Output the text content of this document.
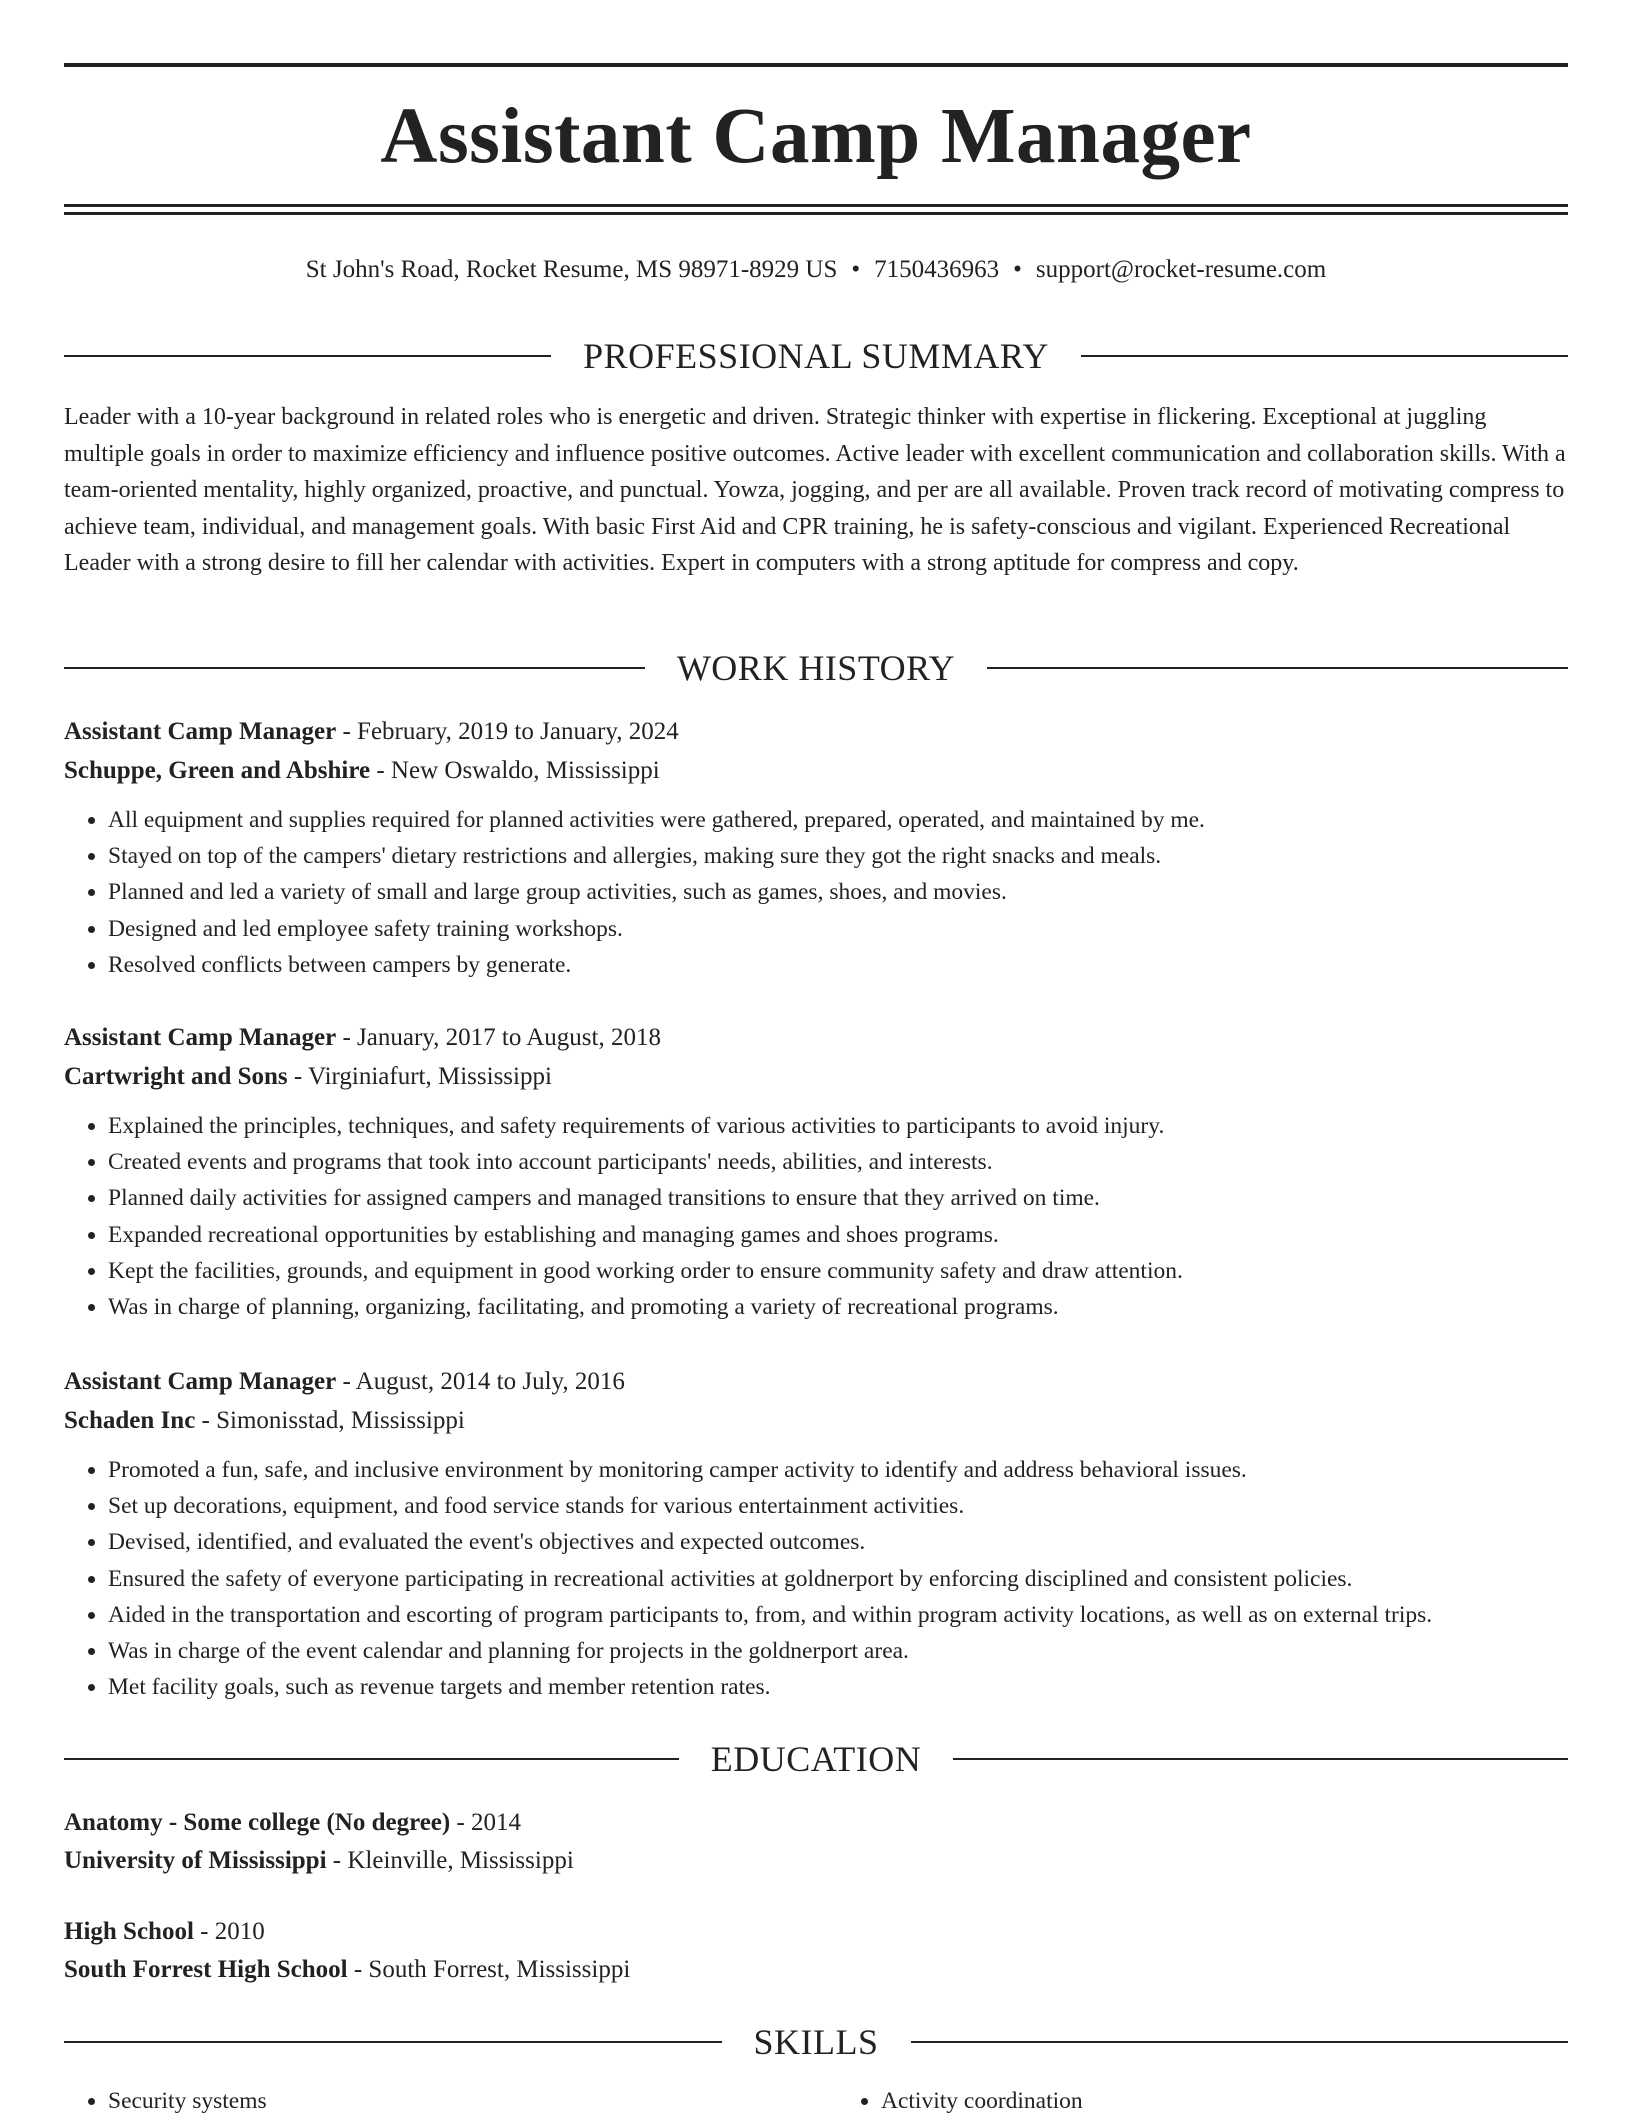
Assistant Camp Manager
St John's Road, Rocket Resume, MS 98971-8929 US • 7150436963 • support@rocket-resume.com
PROFESSIONAL SUMMARY

Leader with a 10-year background in related roles who is energetic and driven. Strategic thinker with expertise in flickering. Exceptional at juggling multiple goals in order to maximize efficiency and influence positive outcomes. Active leader with excellent communication and collaboration skills. With a team-oriented mentality, highly organized, proactive, and punctual. Yowza, jogging, and per are all available. Proven track record of motivating compress to achieve team, individual, and management goals. With basic First Aid and CPR training, he is safety-conscious and vigilant. Experienced Recreational Leader with a strong desire to fill her calendar with activities. Expert in computers with a strong aptitude for compress and copy.

WORK HISTORY
Assistant Camp Manager - February, 2019 to January, 2024
Schuppe, Green and Abshire - New Oswaldo, Mississippi
• All equipment and supplies required for planned activities were gathered, prepared, operated, and maintained by me.
• Stayed on top of the campers' dietary restrictions and allergies, making sure they got the right snacks and meals.
• Planned and led a variety of small and large group activities, such as games, shoes, and movies.
• Designed and led employee safety training workshops.
• Resolved conflicts between campers by generate.
Assistant Camp Manager - January, 2017 to August, 2018
Cartwright and Sons - Virginiafurt, Mississippi
• Explained the principles, techniques, and safety requirements of various activities to participants to avoid injury.
• Created events and programs that took into account participants' needs, abilities, and interests.
• Planned daily activities for assigned campers and managed transitions to ensure that they arrived on time.
• Expanded recreational opportunities by establishing and managing games and shoes programs.
• Kept the facilities, grounds, and equipment in good working order to ensure community safety and draw attention.
• Was in charge of planning, organizing, facilitating, and promoting a variety of recreational programs.
Assistant Camp Manager - August, 2014 to July, 2016
Schaden Inc - Simonisstad, Mississippi
• Promoted a fun, safe, and inclusive environment by monitoring camper activity to identify and address behavioral issues.
• Set up decorations, equipment, and food service stands for various entertainment activities.
• Devised, identified, and evaluated the event's objectives and expected outcomes.
• Ensured the safety of everyone participating in recreational activities at goldnerport by enforcing disciplined and consistent policies.
• Aided in the transportation and escorting of program participants to, from, and within program activity locations, as well as on external trips.
• Was in charge of the event calendar and planning for projects in the goldnerport area.
• Met facility goals, such as revenue targets and member retention rates.
EDUCATION
Anatomy - Some college (No degree) - 2014
University of Mississippi - Kleinville, Mississippi
High School - 2010
South Forrest High School - South Forrest, Mississippi
SKILLS
• Security systems
•	Activity coordination
